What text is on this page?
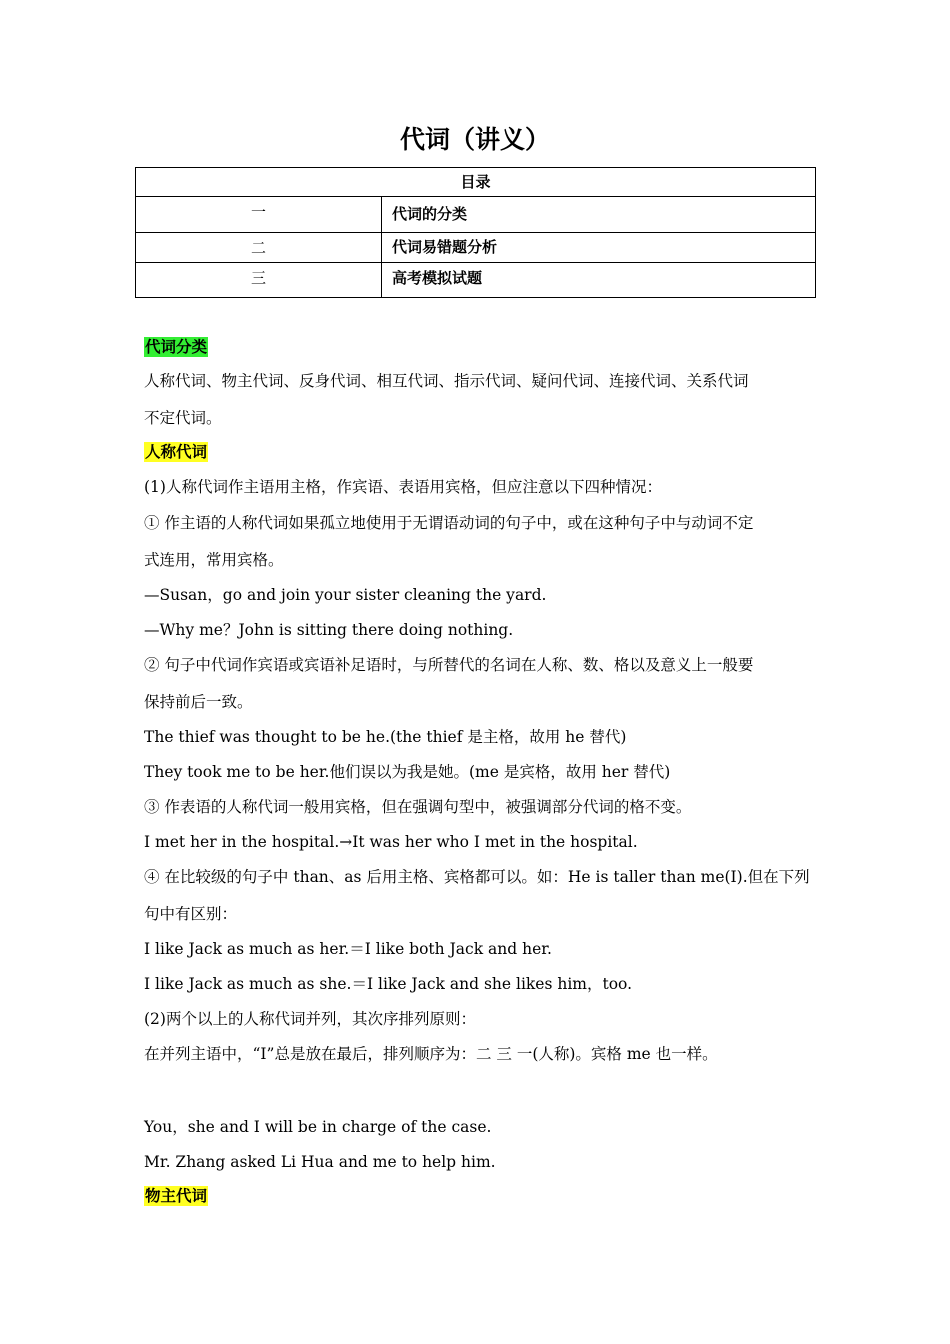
代词（讲义）
目录	
一	代词的分类
二	代词易错题分析
三	高考模拟试题
代词分类
人称代词、物主代词、反身代词、相互代词、指示代词、疑问代词、连接代词、关系代词
不定代词。
人称代词
(1)人称代词作主语用主格，作宾语、表语用宾格，但应注意以下四种情况：
① 作主语的人称代词如果孤立地使用于无谓语动词的句子中，或在这种句子中与动词不定
式连用，常用宾格。
—Susan，go and join your sister cleaning the yard.
—Why me？John is sitting there doing nothing.
② 句子中代词作宾语或宾语补足语时，与所替代的名词在人称、数、格以及意义上一般要
保持前后一致。
The thief was thought to be he.(the thief 是主格，故用 he 替代)
They took me to be her.他们误以为我是她。(me 是宾格，故用 her 替代)
③ 作表语的人称代词一般用宾格，但在强调句型中，被强调部分代词的格不变。
I met her in the hospital.→It was her who I met in the hospital.
④ 在比较级的句子中 than、as 后用主格、宾格都可以。如：He is taller than me(I).但在下列
句中有区别：
I like Jack as much as her.＝I like both Jack and her.
I like Jack as much as she.＝I like Jack and she likes him，too.
(2)两个以上的人称代词并列，其次序排列原则：
在并列主语中，“I”总是放在最后，排列顺序为：二 三 一(人称)。宾格 me 也一样。
You，she and I will be in charge of the case.
Mr. Zhang asked Li Hua and me to help him.
物主代词
